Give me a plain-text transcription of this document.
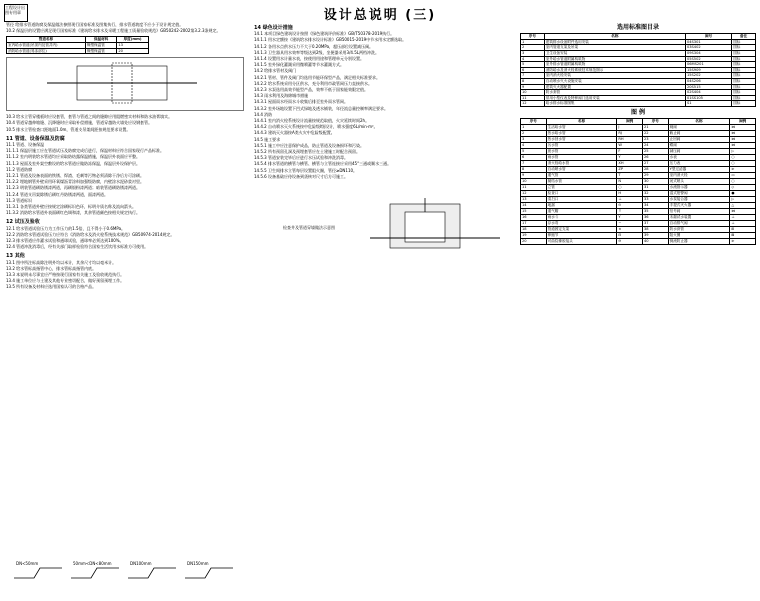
工程设计出图专用章	设计总说明 (三)
管径 给排水管道防腐及保温做法参照现行国家标准及图集执行，排水管道坡度不应小于设计规定值。
10.2 保温层的设置应满足现行国家标准《建筑给水排水及采暖工程施工质量验收规范》GB50242-2002第3.2.3条规定。
管道名称	保温材料	厚度(mm)
室内给水管道(吊顶内及管井内)	橡塑保温管	13
消防给水管道(易冻部位)	橡塑保温管	20
10.3 给水立管穿楼板时应设套管，套管与管道之间的缝隙应用阻燃密实材料和防水油膏填实。
10.4 管道穿越伸缩缝、沉降缝时应采取补偿措施，管道穿越防火墙处应设钢套管。
10.5 排水立管检查口距地面1.0m，管道支吊架间距按规范要求设置。
11 管道、设备保温及防腐
11.1 管道、设备保温
11.1.1 保温层施工应在管道试压及防腐完成后进行，保温材料应符合国家现行产品标准。
11.1.2 室内明装给水管道均应采取防结露保温措施，保温层外表面应平整。
11.1.3 屋面及室外架空敷设的给水管道应做防冻保温，保温层外设保护层。
11.2 管道防腐
11.2.1 管道及设备表面的铁锈、焊渣、毛刺等污物必须清除干净后方可涂刷。
11.2.2 埋地钢管外壁采用环氧煤沥青涂料加强级防腐，内壁涂水泥砂浆衬里。
11.2.3 明装管道刷防锈漆两道，再刷银粉漆两道；暗装管道刷防锈漆两道。
11.2.4 管道支吊架除锈后刷红丹防锈漆两道，面漆两道。
11.3 管道标识
11.3.1 各类管道外壁应按规定涂刷标识色环，标明介质名称及流向箭头。
11.3.2 消防给水管道外表面刷红色调和漆，其余管道颜色按相关规定执行。
12 试压及验收
12.1 给水管道试验压力为工作压力的1.5倍，且不得小于0.6MPa。
12.2 消防给水管道试验压力应符合《消防给水及消火栓系统技术规范》GB50974-2014规定。
12.3 排水管道应作灌水试验和通球试验，通球率必须达到100%。
12.4 管道冲洗消毒后，经有关部门取样检验符合国家生活饮用水标准方可使用。
13 其他
13.1 图中所注标高除注明外均以米计，其余尺寸均以毫米计。
13.2 给水管标高指管中心，排水管标高指管内底。
13.3 本说明未尽事宜应严格按现行国家有关施工及验收规范执行。
13.4 施工单位应与土建及其他专业密切配合，做好预留预埋工作。
13.5 所有设备及材料应选用国家认可的合格产品。
DN<50mm	50mm<DN<80mm	DN100mm	DN150mm
14 绿色设计措施
14.1 本项目绿色建筑设计按照《绿色建筑评价标准》GB/T50378-2019执行。
14.1.1 用水定额按《建筑给水排水设计标准》GB50015-2019中节水用水定额选取。
14.1.2 各用水点供水压力不大于0.20MPa，超压部位设置减压阀。
14.1.3 卫生器具用水效率等级达到2级，坐便器采用3/4.5L两档冲洗。
14.1.4 设置用水计量水表，按使用用途和管理单元分别设置。
14.1.5 室外绿化灌溉采用微喷灌等节水灌溉方式。
14.2 给排水管材及阀门
14.2.1 管材、管件及阀门均选用节能环保型产品，满足相关标准要求。
14.2.2 给水系统采用分区供水，充分利用市政管网压力直接供水。
14.2.3 水泵选用高效节能型产品，效率不低于国家能效限定值。
14.3 雨水利用及海绵城市措施
14.3.1 屋面雨水经雨水斗收集后排至室外雨水管网。
14.3.2 室外场地设置下凹式绿地及透水铺装，年径流总量控制率满足要求。
14.4 消防
14.4.1 室内消火栓系统设计流量按规范取值，火灾延续时间2h。
14.4.2 自动喷水灭火系统按中危险级Ⅰ级设计，喷水强度6L/min·m²。
14.4.3 建筑灭火器按A类火灾中危险级配置。
14.5 施工要求
14.5.1 施工中应注意保护成品，防止管道及设备损坏和污染。
14.5.2 所有预留孔洞及预埋套管应在土建施工时配合预留。
14.5.3 管道安装完毕后应进行水压试验和冲洗消毒。
14.5.4 排水管道的横管与横管、横管与立管连接应采用45°三通或顺水三通。
14.5.5 卫生间排水立管每层设置阻火圈，管径≥DN110。
14.5.6 设备基础应待设备到货核对尺寸后方可施工。
检查井及管道穿墙做法示意图
选用标准图目录
序号	名称	图号	备注
1	建筑排水设备附件选用安装	04S301	国标
2	室内管道支架及吊架	03S402	国标
3	卫生设备安装	09S304	国标
4	室外给水管道附属构筑物	05S502	国标
5	室外排水管道附属构筑物	06MS201	国标
6	消防给水及消火栓系统技术规范图示	15S909	国标
7	室内消火栓安装	15S202	国标
8	自动喷水灭火设施安装	04S206	国标
9	建筑灭火器配置	20S515	国标
10	防水套管	02S404	国标
11	常用小型仪表及特种阀门选用安装	01SS105	国标
12	给水排水标准图集	S1	国标
图 例
序号	名称	图例	序号	名称	图例
1	生活给水管	J	21	闸阀	⋈
2	热水给水管	RJ	22	截止阀	⋈
3	热水回水管	RH	23	止回阀	⋈
4	污水管	W	24	蝶阀	⋈
5	废水管	F	25	减压阀	▷
6	雨水管	Y	26	水表	○
7	消火栓给水管	XH	27	压力表	○
8	自动喷水管	ZP	28	Y型过滤器	⊳
9	通气管	T	29	室内消火栓	▭
10	凝结水管	N	30	闭式喷头	○
11	立管	○	31	水流指示器	◇
12	检查口	H	32	湿式报警阀	●
13	清扫口	⊥	33	水泵接合器	▷
14	地漏	⊙	34	手提式灭火器	△
15	通气帽	↑	35	信号阀	⋈
16	雨水斗	Y	36	末端试水装置	⊥
17	存水弯	∽	37	自动排气阀	⊥
18	管道固定支架	×	38	防水套管	⊞
19	伸缩节	⊟	39	阻火圈	⊠
20	可曲挠橡胶接头	⊖	40	倒流防止器	⊳
